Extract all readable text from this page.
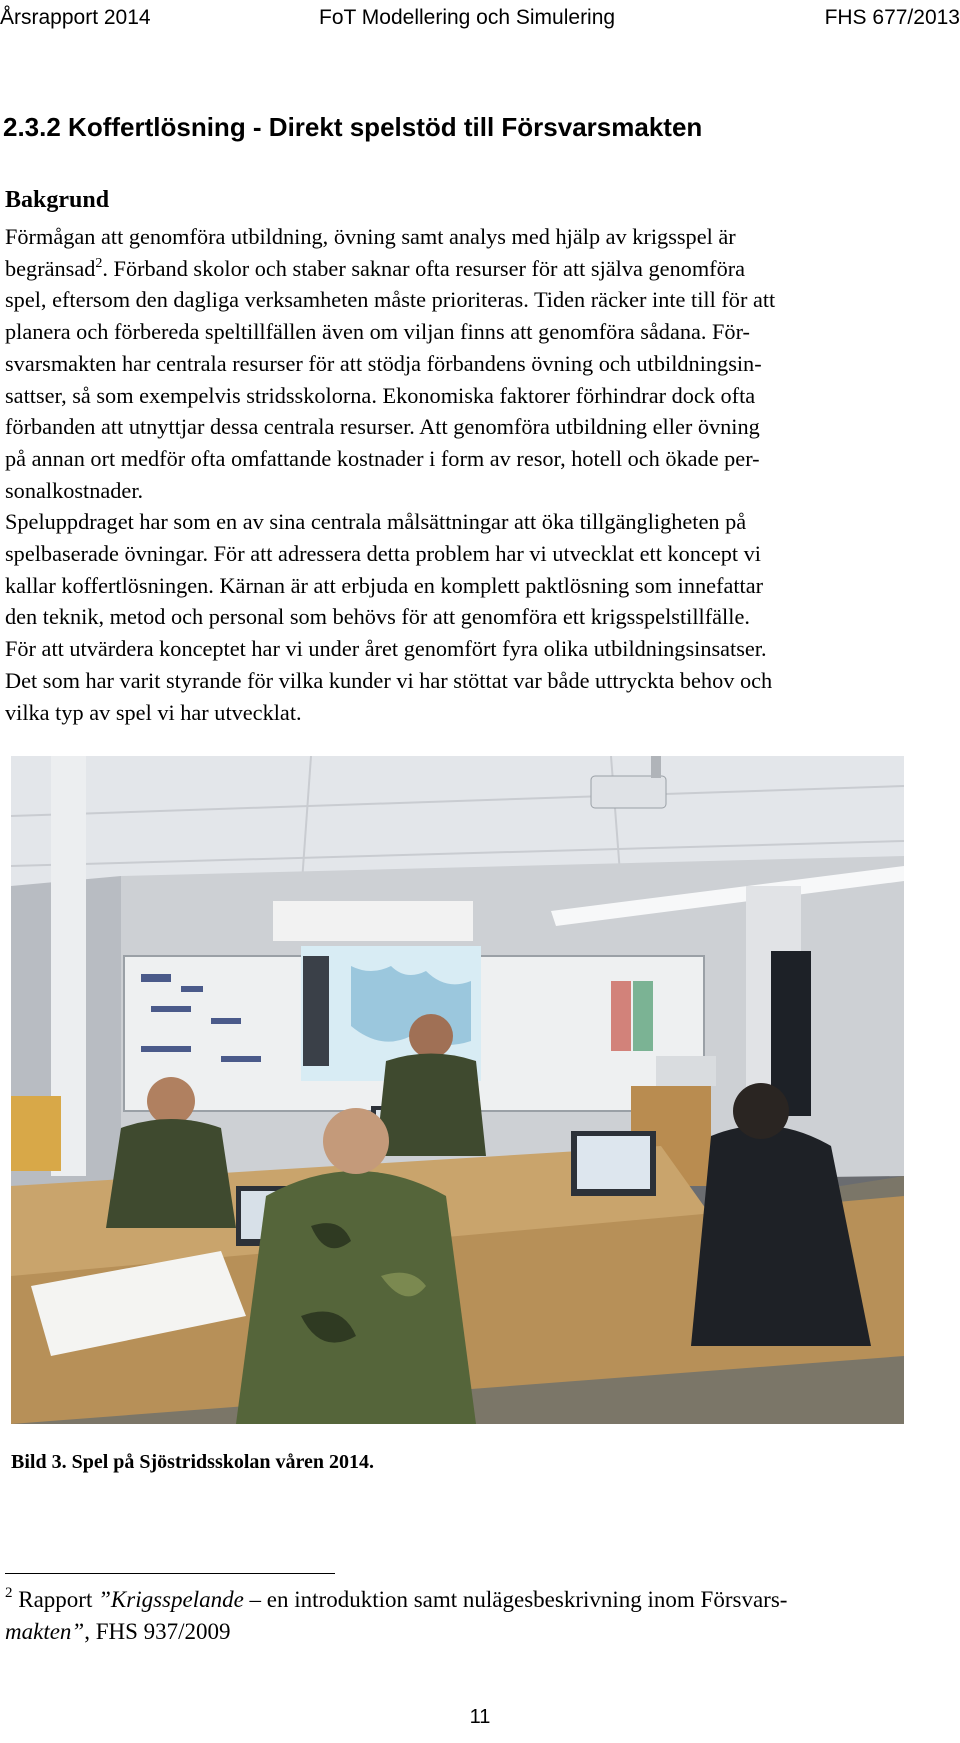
Årsrapport 2014	FoT Modellering och Simulering	FHS 677/2013
2.3.2 Koffertlösning - Direkt spelstöd till Försvarsmakten
Bakgrund
Förmågan att genomföra utbildning, övning samt analys med hjälp av krigsspel är
begränsad$^2$. Förband skolor och staber saknar ofta resurser för att själva genomföra
spel, eftersom den dagliga verksamheten måste prioriteras. Tiden räcker inte till för att
planera och förbereda speltillfällen även om viljan finns att genomföra sådana. För-
svarsmakten har centrala resurser för att stödja förbandens övning och utbildningsin-
sattser, så som exempelvis stridsskolorna. Ekonomiska faktorer förhindrar dock ofta
förbanden att utnyttjar dessa centrala resurser. Att genomföra utbildning eller övning
på annan ort medför ofta omfattande kostnader i form av resor, hotell och ökade per-
sonalkostnader.
Speluppdraget har som en av sina centrala målsättningar att öka tillgängligheten på
spelbaserade övningar. För att adressera detta problem har vi utvecklat ett koncept vi
kallar koffertlösningen. Kärnan är att erbjuda en komplett paktlösning som innefattar
den teknik, metod och personal som behövs för att genomföra ett krigsspelstillfälle.
För att utvärdera konceptet har vi under året genomfört fyra olika utbildningsinsatser.
Det som har varit styrande för vilka kunder vi har stöttat var både uttryckta behov och
vilka typ av spel vi har utvecklat.
Bild 3. Spel på Sjöstridsskolan våren 2014.
$^2$ Rapport ”Krigsspelande – en introduktion samt nulägesbeskrivning inom Försvars-
makten”, FHS 937/2009
11
